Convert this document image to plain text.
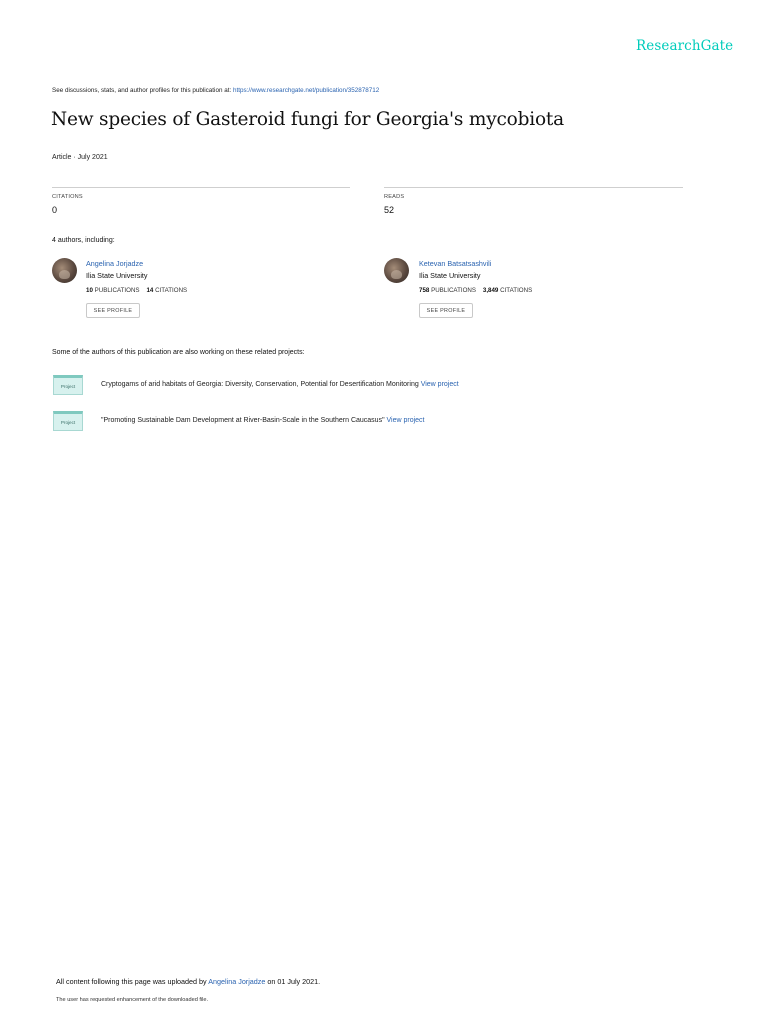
ResearchGate
See discussions, stats, and author profiles for this publication at: https://www.researchgate.net/publication/352878712
New species of Gasteroid fungi for Georgia's mycobiota
Article · July 2021
CITATIONS
0
READS
52
4 authors, including:
Angelina Jorjadze
Ilia State University
10 PUBLICATIONS 14 CITATIONS
SEE PROFILE
Ketevan Batsatsashvili
Ilia State University
758 PUBLICATIONS 3,849 CITATIONS
SEE PROFILE
Some of the authors of this publication are also working on these related projects:
Project	Cryptogams of arid habitats of Georgia: Diversity, Conservation, Potential for Desertification Monitoring View project
Project	"Promoting Sustainable Dam Development at River-Basin-Scale in the Southern Caucasus" View project
All content following this page was uploaded by Angelina Jorjadze on 01 July 2021.
The user has requested enhancement of the downloaded file.
